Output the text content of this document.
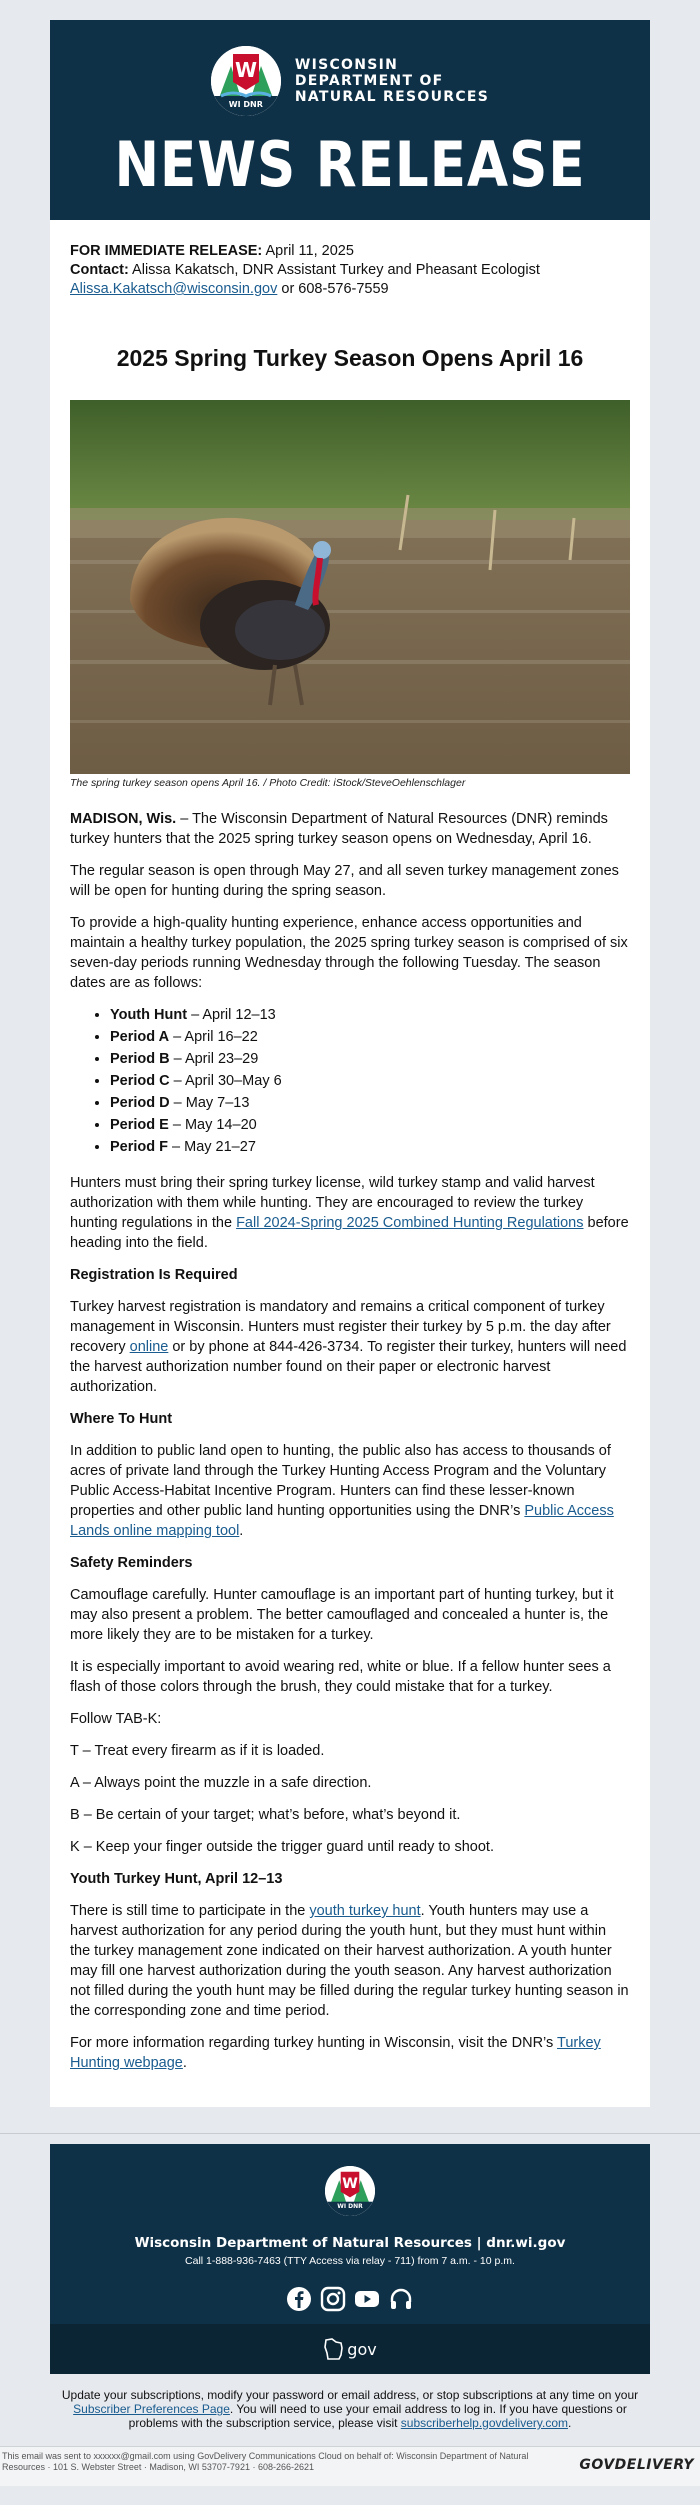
W
WI DNR
WISCONSIN
DEPARTMENT OF
NATURAL RESOURCES
NEWS RELEASE
FOR IMMEDIATE RELEASE: April 11, 2025
Contact: Alissa Kakatsch, DNR Assistant Turkey and Pheasant Ecologist
Alissa.Kakatsch@wisconsin.gov or 608-576-7559
2025 Spring Turkey Season Opens April 16
The spring turkey season opens April 16. / Photo Credit: iStock/SteveOehlenschlager

MADISON, Wis. – The Wisconsin Department of Natural Resources (DNR) reminds turkey hunters that the 2025 spring turkey season opens on Wednesday, April 16.

The regular season is open through May 27, and all seven turkey management zones will be open for hunting during the spring season.

To provide a high-quality hunting experience, enhance access opportunities and maintain a healthy turkey population, the 2025 spring turkey season is comprised of six seven-day periods running Wednesday through the following Tuesday. The season dates are as follows:

• Youth Hunt – April 12–13
• Period A – April 16–22
• Period B – April 23–29
• Period C – April 30–May 6
• Period D – May 7–13
• Period E – May 14–20
• Period F – May 21–27

Hunters must bring their spring turkey license, wild turkey stamp and valid harvest authorization with them while hunting. They are encouraged to review the turkey hunting regulations in the Fall 2024-Spring 2025 Combined Hunting Regulations before heading into the field.

Registration Is Required

Turkey harvest registration is mandatory and remains a critical component of turkey management in Wisconsin. Hunters must register their turkey by 5 p.m. the day after recovery online or by phone at 844-426-3734. To register their turkey, hunters will need the harvest authorization number found on their paper or electronic harvest authorization.

Where To Hunt

In addition to public land open to hunting, the public also has access to thousands of acres of private land through the Turkey Hunting Access Program and the Voluntary Public Access-Habitat Incentive Program. Hunters can find these lesser-known properties and other public land hunting opportunities using the DNR’s Public Access Lands online mapping tool.

Safety Reminders

Camouflage carefully. Hunter camouflage is an important part of hunting turkey, but it may also present a problem. The better camouflaged and concealed a hunter is, the more likely they are to be mistaken for a turkey.

It is especially important to avoid wearing red, white or blue. If a fellow hunter sees a flash of those colors through the brush, they could mistake that for a turkey.

Follow TAB-K:

T – Treat every firearm as if it is loaded.

A – Always point the muzzle in a safe direction.

B – Be certain of your target; what’s before, what’s beyond it.

K – Keep your finger outside the trigger guard until ready to shoot.

Youth Turkey Hunt, April 12–13

There is still time to participate in the youth turkey hunt. Youth hunters may use a harvest authorization for any period during the youth hunt, but they must hunt within the turkey management zone indicated on their harvest authorization. A youth hunter may fill one harvest authorization during the youth season. Any harvest authorization not filled during the youth hunt may be filled during the regular turkey hunting season in the corresponding zone and time period.

For more information regarding turkey hunting in Wisconsin, visit the DNR’s Turkey Hunting webpage.

W
WI DNR
Wisconsin Department of Natural Resources | dnr.wi.gov
Call 1-888-936-7463 (TTY Access via relay - 711) from 7 a.m. - 10 p.m.
gov
Update your subscriptions, modify your password or email address, or stop subscriptions at any time on your Subscriber Preferences Page. You will need to use your email address to log in. If you have questions or problems with the subscription service, please visit subscriberhelp.govdelivery.com.
This email was sent to xxxxxx@gmail.com using GovDelivery Communications Cloud on behalf of: Wisconsin Department of Natural Resources · 101 S. Webster Street · Madison, WI 53707-7921 · 608-266-2621	GOVDELIVERY
